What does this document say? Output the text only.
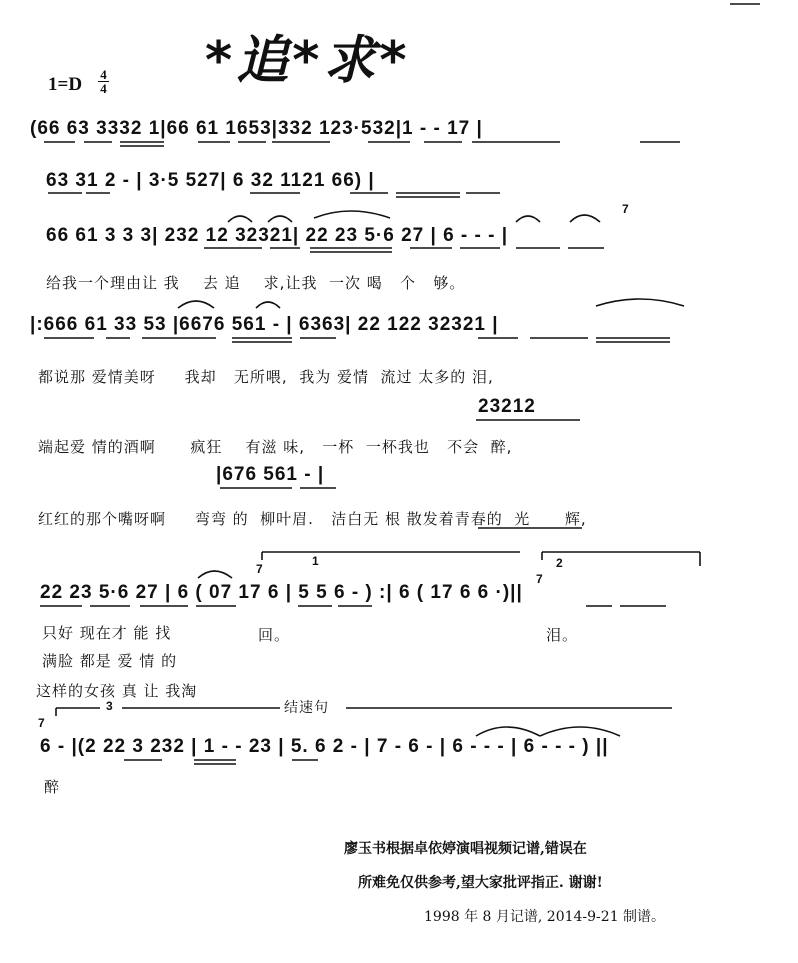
*追*求*
1=D 4
4
(66 63 3332 1|66 61 1653|332 123·532|1 - - 17 |
63 31 2 - | 3·5 527| 6 32 1121 66) |
66 61 3 3 3| 232 12 32321| 22 23 5·6 27 | 6 - - - |
给我一个理由让 我    去 追    求,让我  一次 喝   个   够。
|:666 61 33 53 |6676 561 - | 6363| 22 122 32321 |
都说那 爱情美呀     我却   无所喂,  我为 爱情  流过 太多的 泪,
23212
端起爱 情的酒啊      疯狂    有滋 味,   一杯  一杯我也   不会  醉,
|676 561 - |
红红的那个嘴呀啊     弯弯 的  柳叶眉.   洁白无 根 散发着青春的  光      辉,
22 23 5·6 27 | 6 ( 07 17 6 | 5 5 6 - ) :| 6 ( 17 6 6 ·)||
只好 现在才 能 找	回。	泪。
满脸 都是 爱 情 的
这样的女孩 真 让 我淘
6 - |(2 22 3 232 | 1 - - 23 | 5. 6 2 - | 7 - 6 - | 6 - - - | 6 - - - ) ||
醉
1	2
3	结速句
7
7
7
7
廖玉书根据卓依婷演唱视频记谱,错误在
所难免仅供参考,望大家批评指正. 谢谢!
1998 年 8 月记谱, 2014-9-21 制谱。
